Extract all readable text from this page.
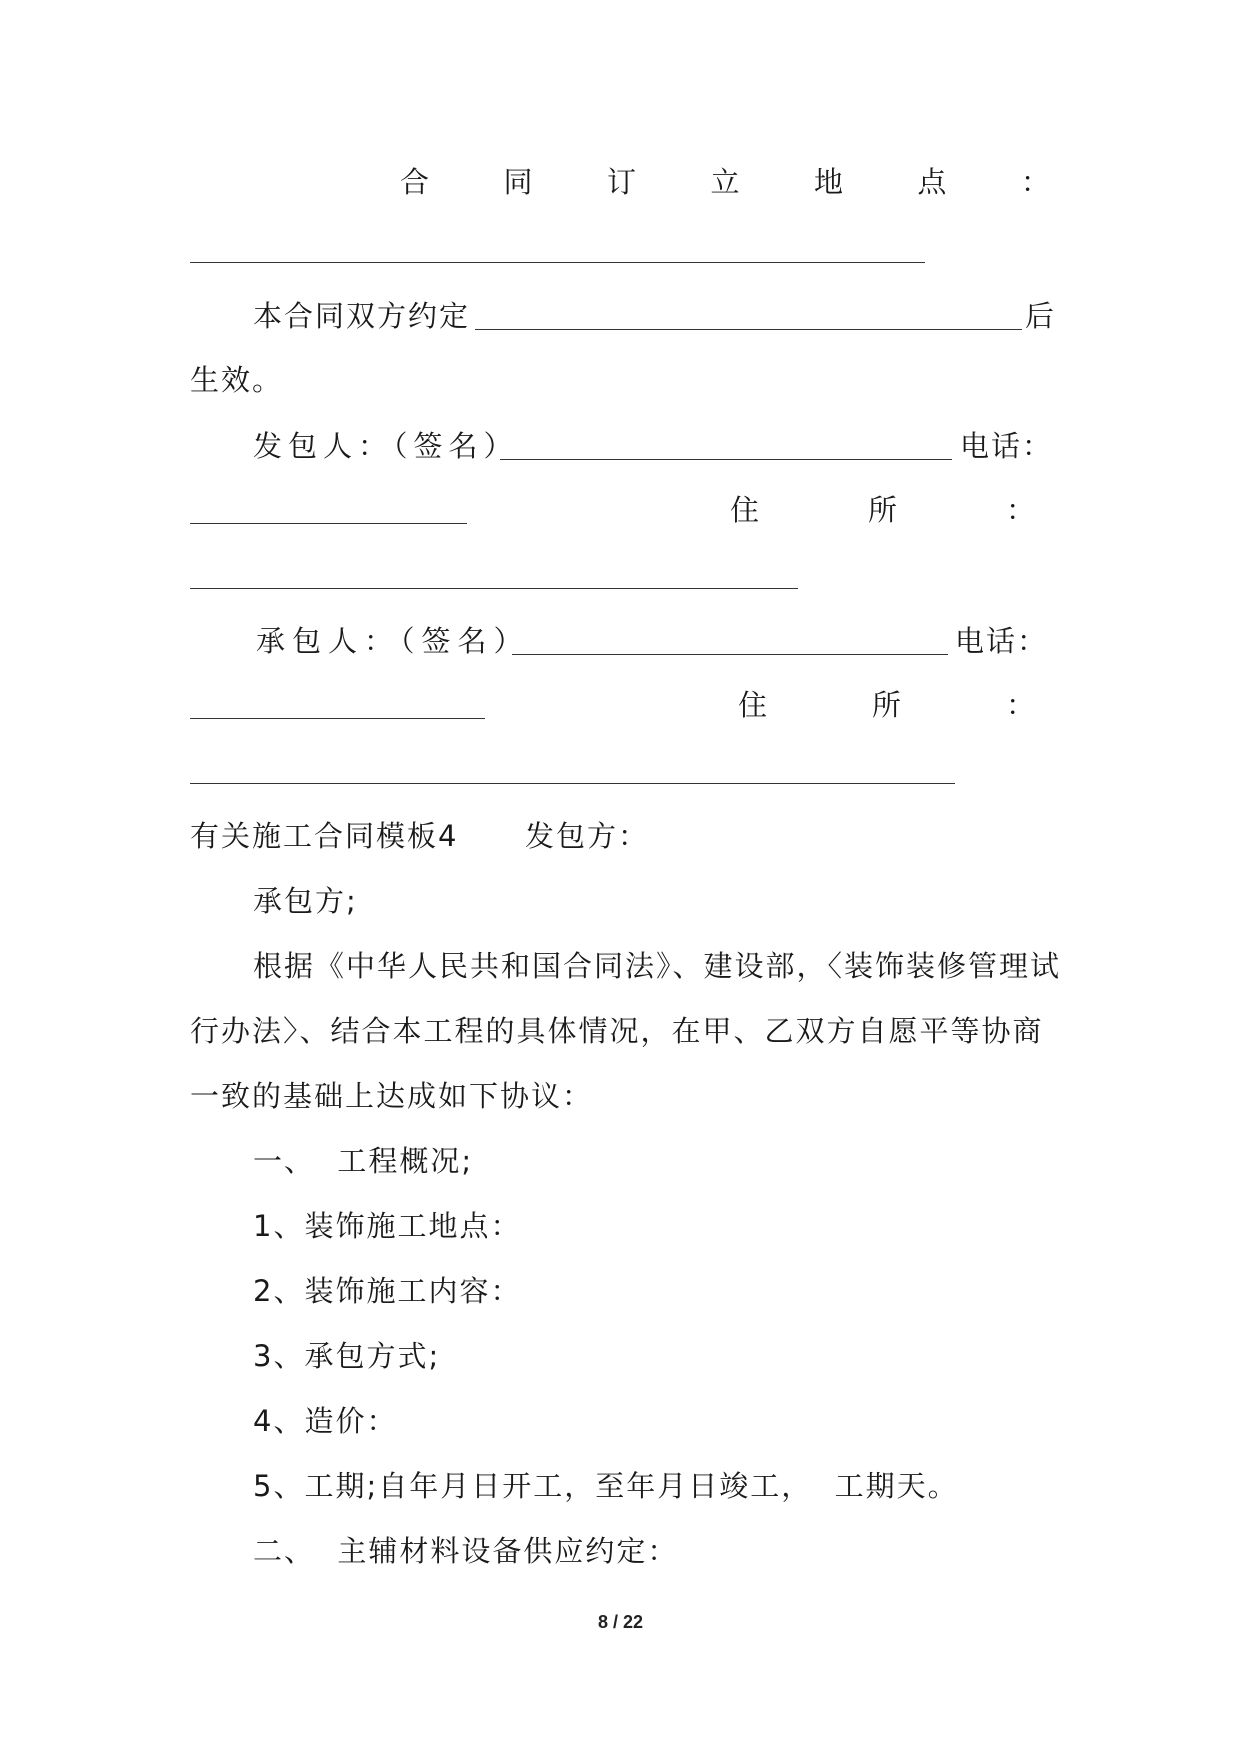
合	同	订	立	地	点	：
本合同双方约定	后
生效。
发包人：（签名）	电话：
住	所	：
承包人：（签名）	电话：
住	所	：
有关施工合同模板4 发包方：
承包方;
根据《中华人民共和国合同法》、建设部，〈装饰装修管理试
行办法〉、结合本工程的具体情况，在甲、乙双方自愿平等协商
一致的基础上达成如下协议：
一、  工程概况;
1、装饰施工地点：
2、装饰施工内容：
3、承包方式;
4、造价：
5、工期;自年月日开工，至年月日竣工，  工期天。
二、  主辅材料设备供应约定：
8 / 22
